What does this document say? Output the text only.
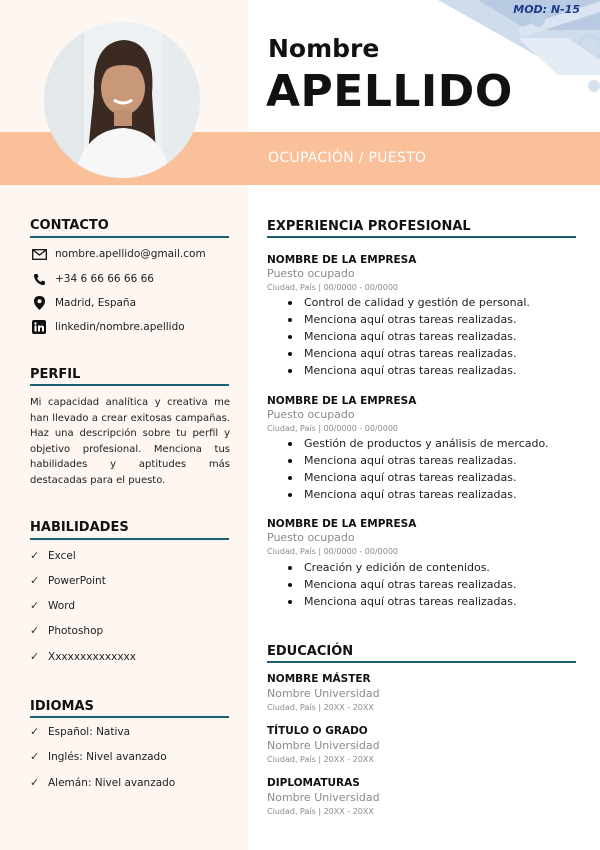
MOD: N-15
Nombre
APELLIDO
OCUPACIÓN / PUESTO
CONTACTO
nombre.apellido@gmail.com
+34 6 66 66 66 66
Madrid, España
linkedin/nombre.apellido
PERFIL
Mi capacidad analítica y creativa me han llevado a crear exitosas campañas. Haz una descripción sobre tu perfil y objetivo profesional. Menciona tus habilidades y aptitudes más destacadas para el puesto.
HABILIDADES
✓ Excel
✓ PowerPoint
✓ Word
✓ Photoshop
✓ Xxxxxxxxxxxxxx
IDIOMAS
✓ Español: Nativa
✓ Inglés: Nivel avanzado
✓ Alemán: Nivel avanzado
EXPERIENCIA PROFESIONAL
NOMBRE DE LA EMPRESA
Puesto ocupado
Ciudad, País | 00/0000 - 00/0000
Control de calidad y gestión de personal.
Menciona aquí otras tareas realizadas.
Menciona aquí otras tareas realizadas.
Menciona aquí otras tareas realizadas.
Menciona aquí otras tareas realizadas.
NOMBRE DE LA EMPRESA
Puesto ocupado
Ciudad, País | 00/0000 - 00/0000
Gestión de productos y análisis de mercado.
Menciona aquí otras tareas realizadas.
Menciona aquí otras tareas realizadas.
Menciona aquí otras tareas realizadas.
NOMBRE DE LA EMPRESA
Puesto ocupado
Ciudad, País | 00/0000 - 00/0000
Creación y edición de contenidos.
Menciona aquí otras tareas realizadas.
Menciona aquí otras tareas realizadas.
EDUCACIÓN
NOMBRE MÁSTER
Nombre Universidad
Ciudad, País | 20XX - 20XX
TÍTULO O GRADO
Nombre Universidad
Ciudad, País | 20XX - 20XX
DIPLOMATURAS
Nombre Universidad
Ciudad, País | 20XX - 20XX
